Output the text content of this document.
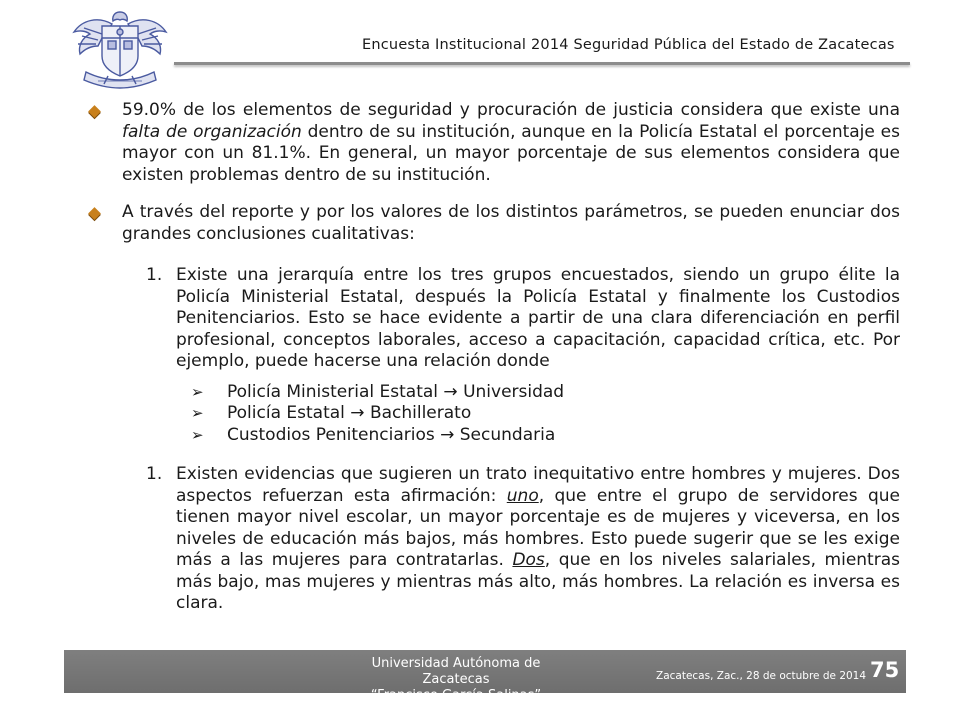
Encuesta Institucional 2014 Seguridad Pública del Estado de Zacatecas

59.0% de los elementos de seguridad y procuración de justicia considera que existe una falta de organización dentro de su institución, aunque en la Policía Estatal el porcentaje es mayor con un 81.1%. En general, un mayor porcentaje de sus elementos considera que existen problemas dentro de su institución.

A través del reporte y por los valores de los distintos parámetros, se pueden enunciar dos grandes conclusiones cualitativas:

1. Existe una jerarquía entre los tres grupos encuestados, siendo un grupo élite la Policía Ministerial Estatal, después la Policía Estatal y finalmente los Custodios Penitenciarios. Esto se hace evidente a partir de una clara diferenciación en perfil profesional, conceptos laborales, acceso a capacitación, capacidad crítica, etc. Por ejemplo, puede hacerse una relación donde

➢ Policía Ministerial Estatal → Universidad
➢ Policía Estatal → Bachillerato
➢ Custodios Penitenciarios → Secundaria
1. Existen evidencias que sugieren un trato inequitativo entre hombres y mujeres. Dos aspectos refuerzan esta afirmación: uno, que entre el grupo de servidores que tienen mayor nivel escolar, un mayor porcentaje es de mujeres y viceversa, en los niveles de educación más bajos, más hombres. Esto puede sugerir que se les exige más a las mujeres para contratarlas. Dos, que en los niveles salariales, mientras más bajo, mas mujeres y mientras más alto, más hombres. La relación es inversa es clara.

Universidad Autónoma de Zacatecas
“Francisco García Salinas”
Zacatecas, Zac., 28 de octubre de 2014 75
